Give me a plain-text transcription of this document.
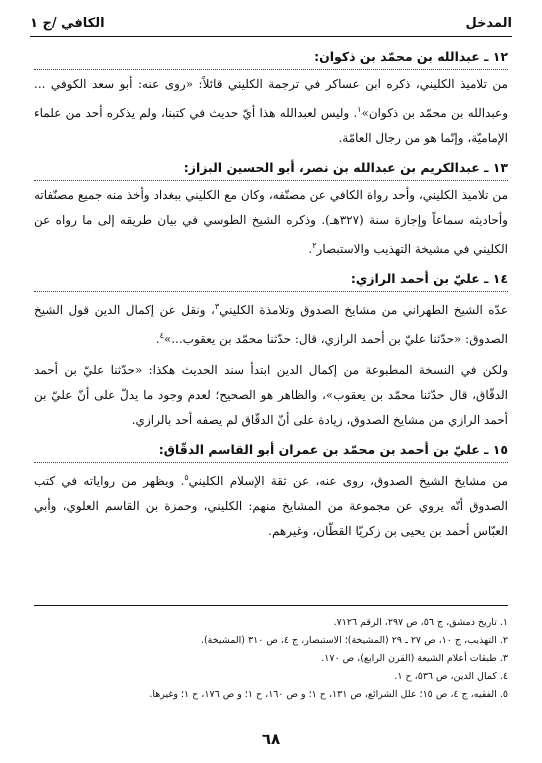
المدخل
الكافي /ج ١
١٢ ـ عبدالله بن محمّد بن ذكوان:

من تلاميذ الكليني، ذكره ابن عساكر في ترجمة الكليني قائلاً: «روى عنه: أبو سعد الكوفي ... وعبدالله بن محمّد بن ذكوان»$^١$. وليس لعبدالله هذا أيّ حديث في كتبنا، ولم يذكره أحد من علماء الإماميّة، وإنّما هو من رجال العامّة.

١٣ ـ عبدالكريم بن عبدالله بن نصر، أبو الحسين البزاز:

من تلاميذ الكليني، وأحد رواة الكافي عن مصنّفه، وكان مع الكليني ببغداد وأخذ منه جميع مصنّفاته وأحاديثه سماعاً وإجازة سنة (٣٢٧هـ). وذكره الشيخ الطوسي في بيان طريقه إلى ما رواه عن الكليني في مشيخة التهذيب والاستبصار$^٢$.

١٤ ـ عليّ بن أحمد الرازي:

عدّه الشيخ الطهراني من مشايخ الصدوق وتلامذة الكليني$^٣$، ونقل عن إكمال الدين قول الشيخ الصدوق: «حدّثنا عليّ بن أحمد الرازي، قال: حدّثنا محمّد بن يعقوب...»$^٤$.

ولكن في النسخة المطبوعة من إكمال الدين ابتدأ سند الحديث هكذا: «حدّثنا عليّ بن أحمد الدقّاق، قال حدّثنا محمّد بن يعقوب»، والظاهر هو الصحيح؛ لعدم وجود ما يدلّ على أنّ عليّ بن أحمد الرازي من مشايخ الصدوق، زيادة على أنّ الدقّاق لم يصفه أحد بالرازي.

١٥ ـ عليّ بن أحمد بن محمّد بن عمران أبو القاسم الدقّاق:

من مشايخ الشيخ الصدوق، روى عنه، عن ثقة الإسلام الكليني$^٥$. ويظهر من رواياته في كتب الصدوق أنّه يروي عن مجموعة من المشايخ منهم: الكليني، وحمزة بن القاسم العلوي، وأبي العبّاس أحمد بن يحيى بن زكريّا القطّان، وغيرهم.

١. تاريخ دمشق، ج ٥٦، ص ٢٩٧، الرقم ٧١٢٦.

٢. التهذيب، ج ١٠، ص ٢٧ ـ ٢٩ (المشيخة)؛ الاستبصار، ج ٤، ص ٣١٠ (المشيخة).

٣. طبقات أعلام الشيعة (القرن الرابع)، ص ١٧٠.

٤. كمال الدين، ص ٥٣٦، ح ١.

٥. الفقيه، ج ٤، ص ١٥؛ علل الشرائع، ص ١٣١، ح ١؛ و ص ١٦٠، ح ١؛ و ص ١٧٦، ح ١؛ وغيرها.

٦٨
